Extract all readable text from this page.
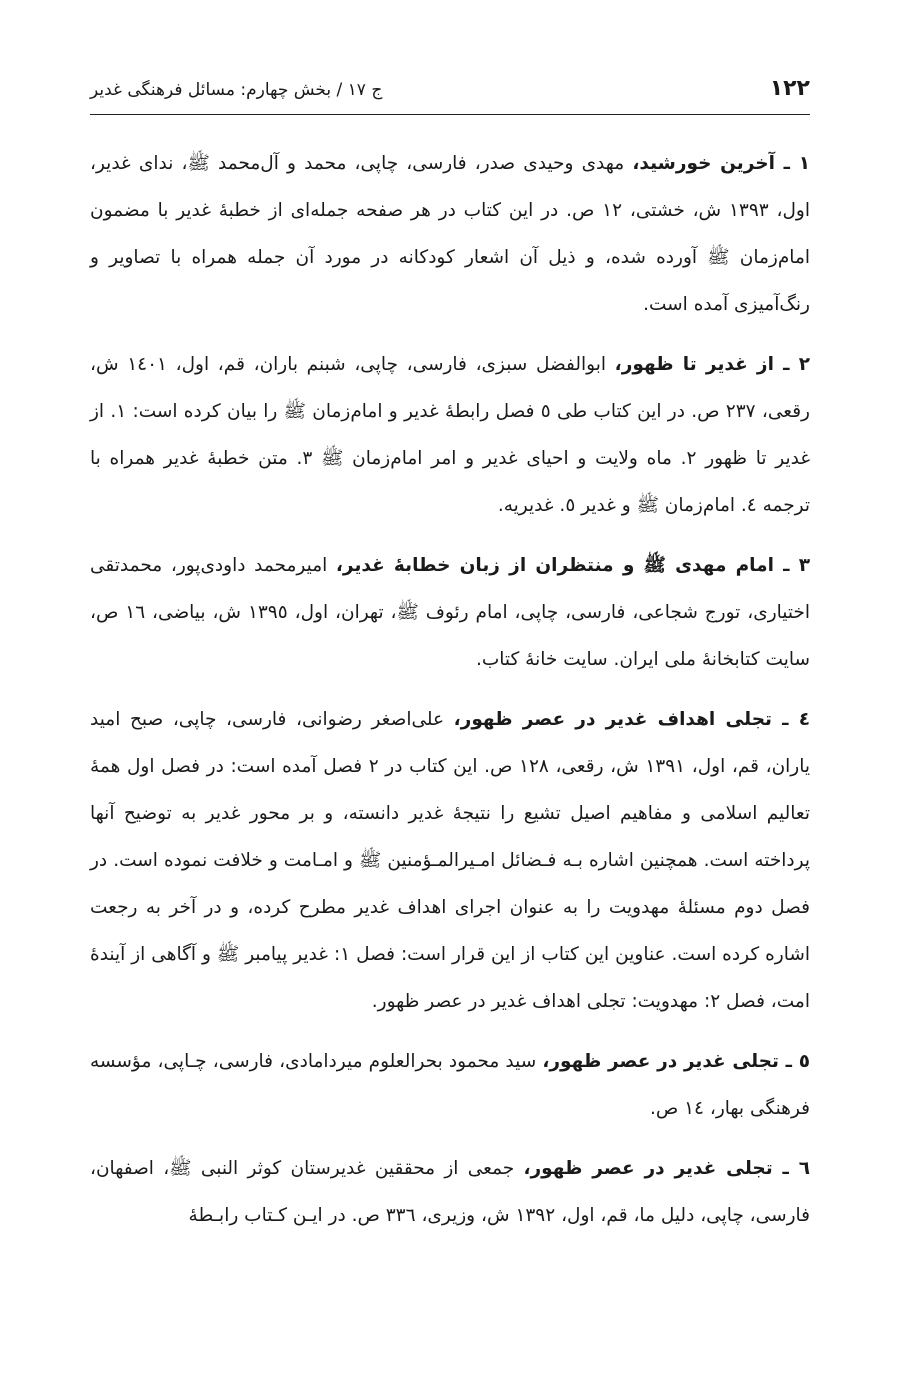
١٢٢
ج ١٧ / بخش چهارم: مسائل فرهنگی غدیر

١ ـ آخرین خورشید، مهدی وحیدی صدر، فارسی، چاپی، محمد و آل‌محمد ﷺ، ندای غدیر، اول، ١٣٩٣ ش، خشتی، ١٢ ص. در این کتاب در هر صفحه جمله‌ای از خطبهٔ غدیر با مضمون امام‌زمان ﷺ آورده شده، و ذیل آن اشعار کودکانه در مورد آن جمله همراه با تصاویر و رنگ‌آمیزی آمده است.

٢ ـ از غدیر تا ظهور، ابوالفضل سبزی، فارسی، چاپی، شبنم باران، قم، اول، ١٤٠١ ش، رقعی، ٢٣٧ ص. در این کتاب طی ٥ فصل رابطهٔ غدیر و امام‌زمان ﷺ را بیان کرده است: ١. از غدیر تا ظهور ٢. ماه ولایت و احیای غدیر و امر امام‌زمان ﷺ ٣. متن خطبهٔ غدیر همراه با ترجمه ٤. امام‌زمان ﷺ و غدیر ٥. غدیریه.

٣ ـ امام مهدی ﷺ و منتظران از زبان خطابهٔ غدیر، امیرمحمد داودی‌پور، محمدتقی اختیاری، تورج شجاعی، فارسی، چاپی، امام رئوف ﷺ، تهران، اول، ١٣٩٥ ش، بیاضی، ١٦ ص، سایت کتابخانهٔ ملی ایران. سایت خانهٔ کتاب.

٤ ـ تجلی اهداف غدیر در عصر ظهور، علی‌اصغر رضوانی، فارسی، چاپی، صبح امید یاران، قم، اول، ١٣٩١ ش، رقعی، ١٢٨ ص. این کتاب در ٢ فصل آمده است: در فصل اول همهٔ تعالیم اسلامی و مفاهیم اصیل تشیع را نتیجهٔ غدیر دانسته، و بر محور غدیر به توضیح آنها پرداخته است. همچنین اشاره بـه فـضائل امـیرالمـؤمنین ﷺ و امـامت و خلافت نموده است. در فصل دوم مسئلهٔ مهدویت را به عنوان اجرای اهداف غدیر مطرح کرده، و در آخر به رجعت اشاره کرده است. عناوین این کتاب از این قرار است: فصل ١: غدیر پیامبر ﷺ و آگاهی از آیندهٔ امت، فصل ٢: مهدویت: تجلی اهداف غدیر در عصر ظهور.

٥ ـ تجلی غدیر در عصر ظهور، سید محمود بحرالعلوم میردامادی، فارسی، چـاپی، مؤسسه فرهنگی بهار، ١٤ ص.

٦ ـ تجلی غدیر در عصر ظهور، جمعی از محققین غدیرستان کوثر النبی ﷺ، اصفهان، فارسی، چاپی، دلیل ما، قم، اول، ١٣٩٢ ش، وزیری، ٣٣٦ ص. در ایـن کـتاب رابـطهٔ
